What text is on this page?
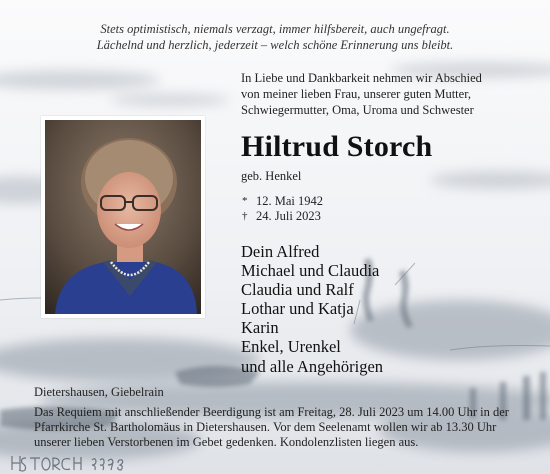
Stets optimistisch, niemals verzagt, immer hilfsbereit, auch ungefragt.
Lächelnd und herzlich, jederzeit – welch schöne Erinnerung uns bleibt.
In Liebe und Dankbarkeit nehmen wir Abschied
von meiner lieben Frau, unserer guten Mutter,
Schwiegermutter, Oma, Uroma und Schwester
Hiltrud Storch
geb. Henkel
* 12. Mai 1942
† 24. Juli 2023
Dein Alfred
Michael und Claudia
Claudia und Ralf
Lothar und Katja
Karin
Enkel, Urenkel
und alle Angehörigen
Dietershausen, Giebelrain
Das Requiem mit anschließender Beerdigung ist am Freitag, 28. Juli 2023 um 14.00 Uhr in der
Pfarrkirche St. Bartholomäus in Dietershausen. Vor dem Seelenamt wollen wir ab 13.30 Uhr
unserer lieben Verstorbenen im Gebet gedenken. Kondolenzlisten liegen aus.
